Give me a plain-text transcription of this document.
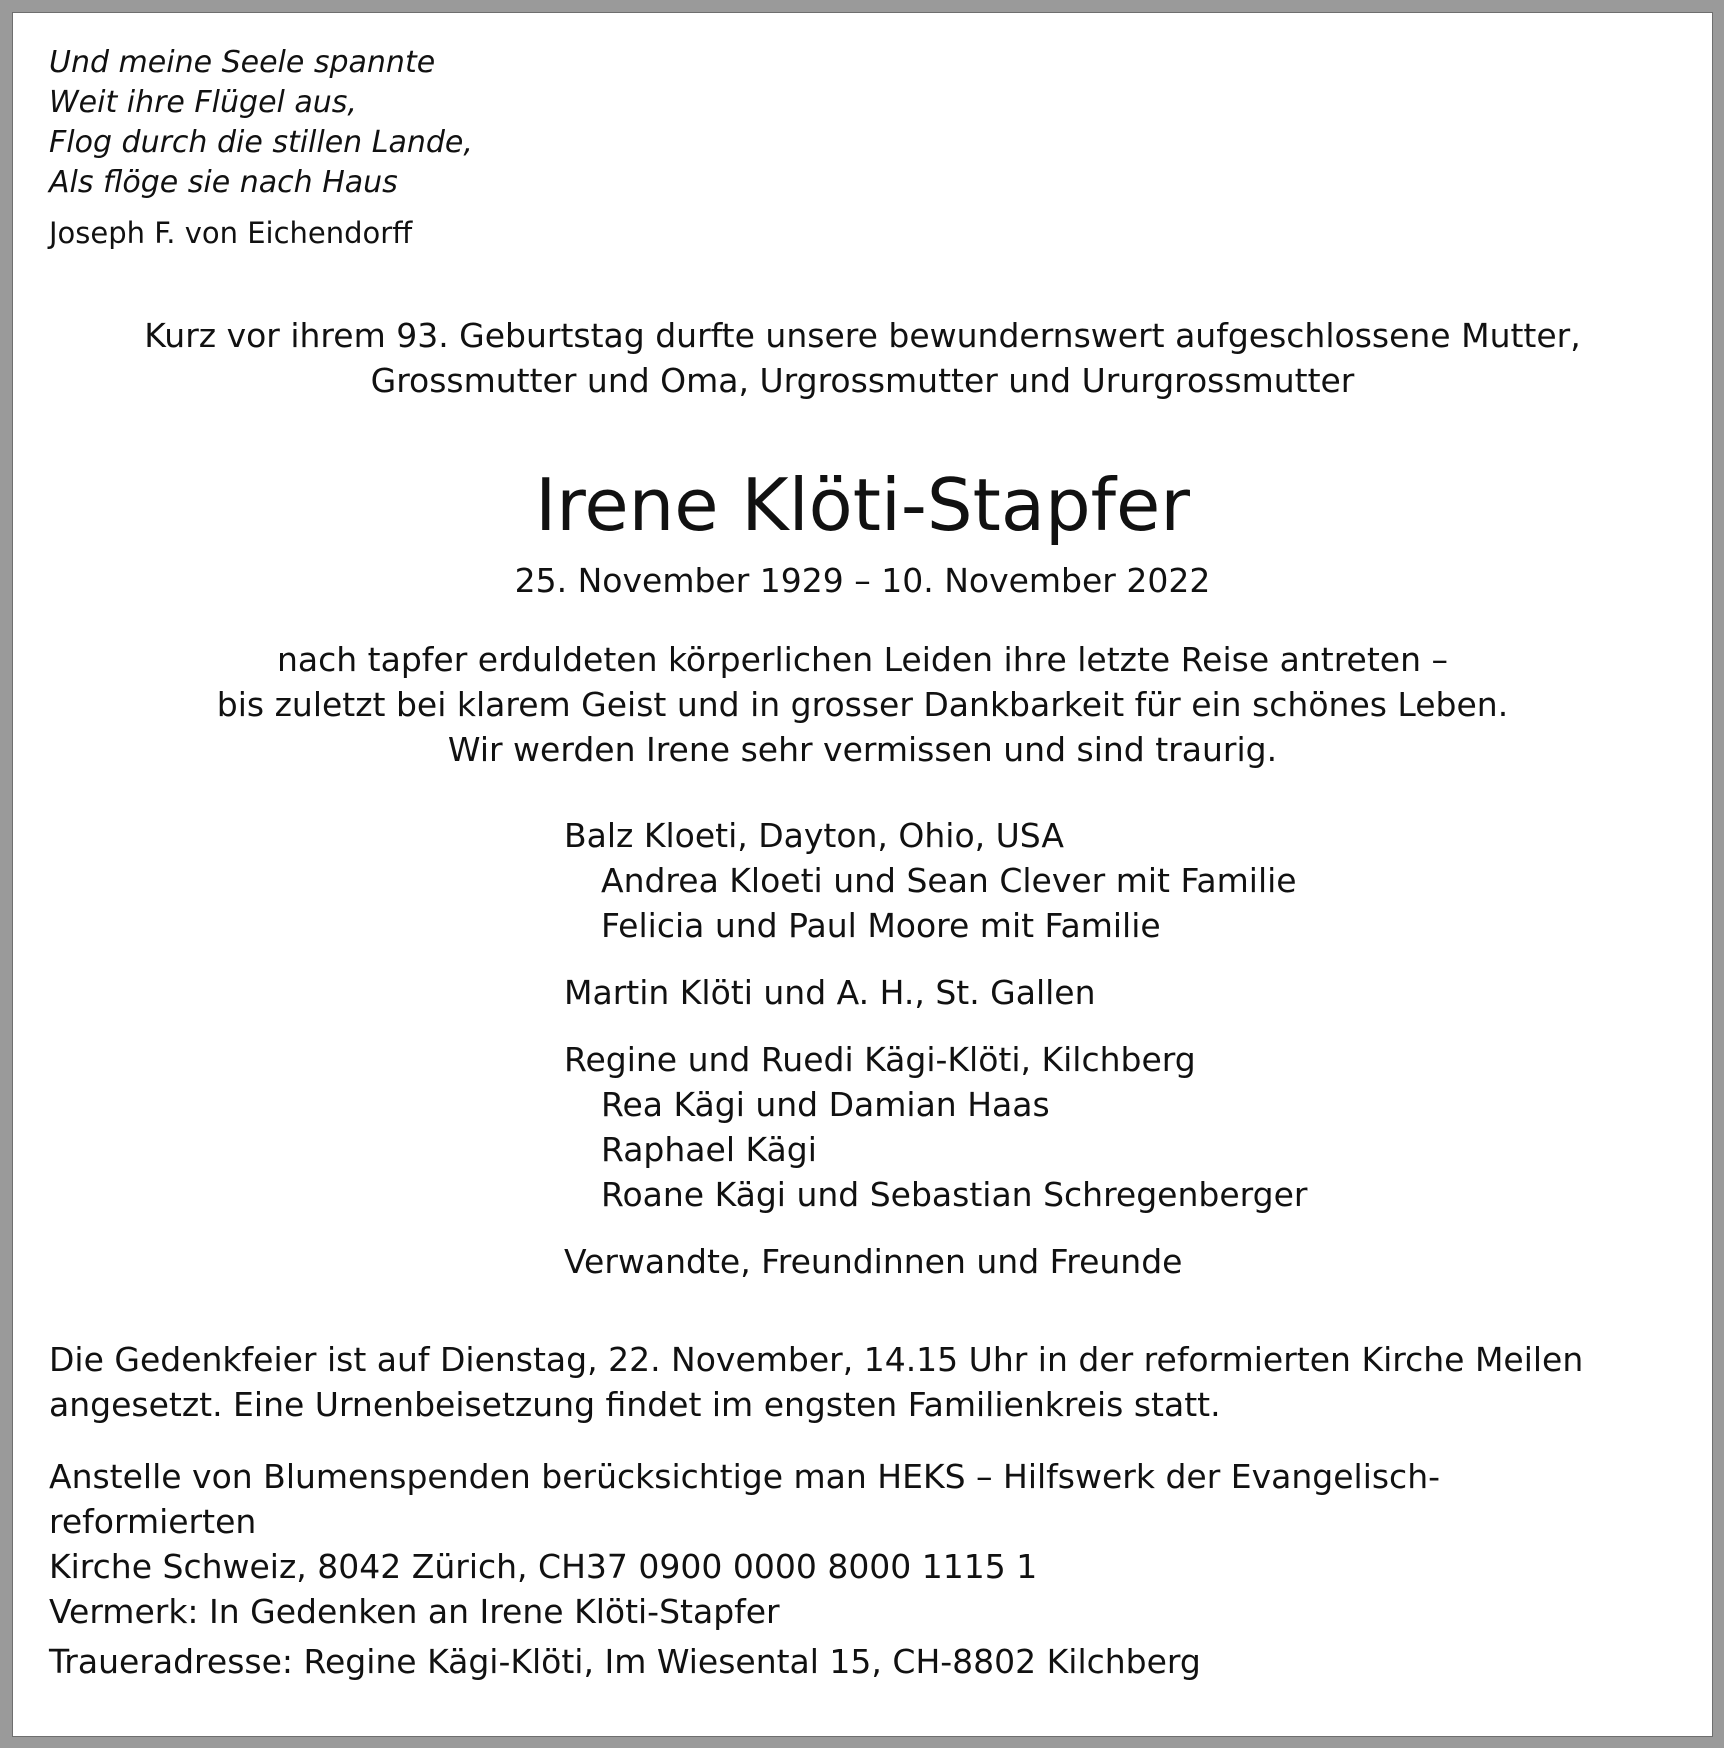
Und meine Seele spannte
Weit ihre Flügel aus,
Flog durch die stillen Lande,
Als flöge sie nach Haus
Joseph F. von Eichendorff
Kurz vor ihrem 93. Geburtstag durfte unsere bewundernswert aufgeschlossene Mutter,
Grossmutter und Oma, Urgrossmutter und Ururgrossmutter
Irene Klöti-Stapfer
25. November 1929 – 10. November 2022
nach tapfer erduldeten körperlichen Leiden ihre letzte Reise antreten –
bis zuletzt bei klarem Geist und in grosser Dankbarkeit für ein schönes Leben.
Wir werden Irene sehr vermissen und sind traurig.
Balz Kloeti, Dayton, Ohio, USA
Andrea Kloeti und Sean Clever mit Familie
Felicia und Paul Moore mit Familie
Martin Klöti und A. H., St. Gallen
Regine und Ruedi Kägi-Klöti, Kilchberg
Rea Kägi und Damian Haas
Raphael Kägi
Roane Kägi und Sebastian Schregenberger
Verwandte, Freundinnen und Freunde
Die Gedenkfeier ist auf Dienstag, 22. November, 14.15 Uhr in der reformierten Kirche Meilen
angesetzt. Eine Urnenbeisetzung findet im engsten Familienkreis statt.
Anstelle von Blumenspenden berücksichtige man HEKS – Hilfswerk der Evangelisch-
reformierten
Kirche Schweiz, 8042 Zürich, CH37 0900 0000 8000 1115 1
Vermerk: In Gedenken an Irene Klöti-Stapfer
Traueradresse: Regine Kägi-Klöti, Im Wiesental 15, CH-8802 Kilchberg
